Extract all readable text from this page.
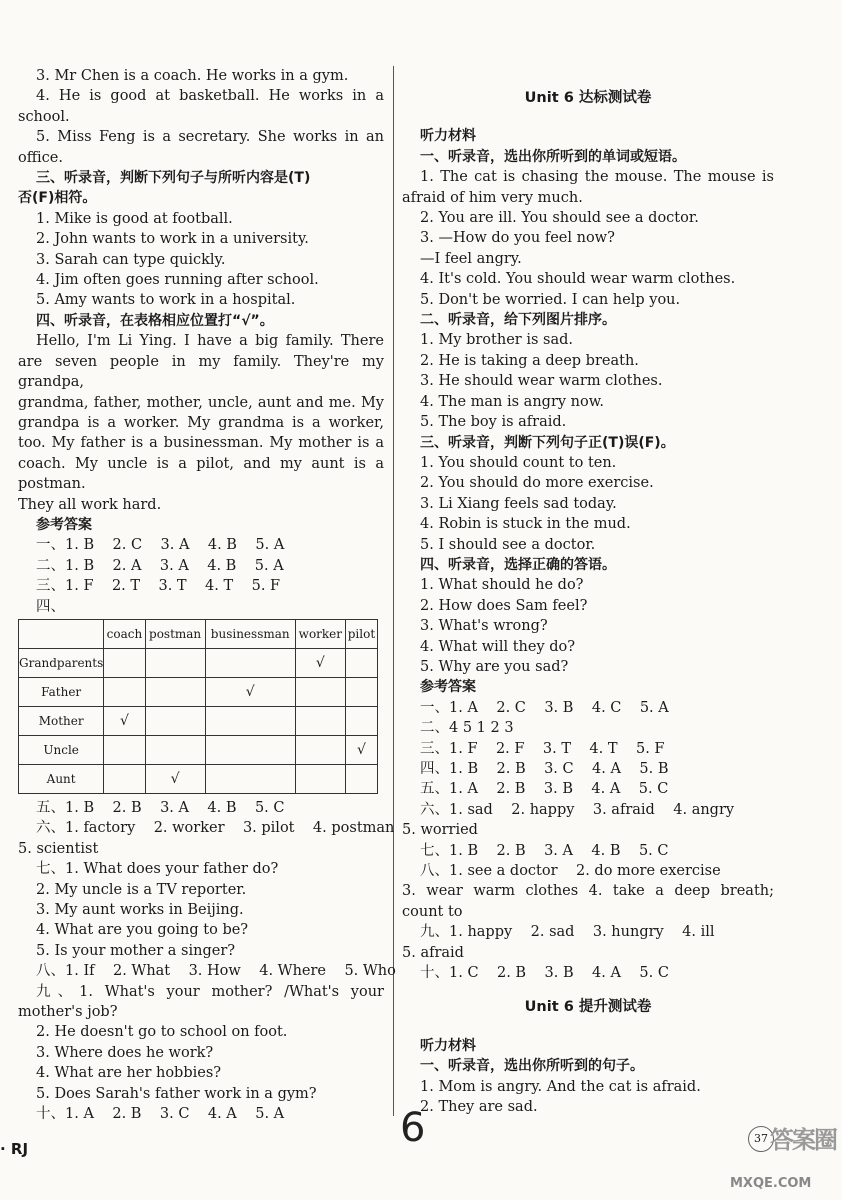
3. Mr Chen is a coach. He works in a gym.
4. He is good at basketball. He works in a
school.
5. Miss Feng is a secretary. She works in an
office.
三、听录音，判断下列句子与所听内容是(T)
否(F)相符。
1. Mike is good at football.
2. John wants to work in a university.
3. Sarah can type quickly.
4. Jim often goes running after school.
5. Amy wants to work in a hospital.
四、听录音，在表格相应位置打“√”。
Hello, I'm Li Ying. I have a big family. There
are seven people in my family. They're my grandpa,
grandma, father, mother, uncle, aunt and me. My
grandpa is a worker. My grandma is a worker,
too. My father is a businessman. My mother is a
coach. My uncle is a pilot, and my aunt is a postman.
They all work hard.
参考答案
一、1. B    2. C    3. A    4. B    5. A
二、1. B    2. A    3. A    4. B    5. A
三、1. F    2. T    3. T    4. T    5. F
四、
	coach	postman	businessman	worker	pilot
Grandparents				√	
Father			√		
Mother	√				
Uncle					√
Aunt		√			
五、1. B    2. B    3. A    4. B    5. C
六、1. factory    2. worker    3. pilot    4. postman
5. scientist
七、1. What does your father do?
2. My uncle is a TV reporter.
3. My aunt works in Beijing.
4. What are you going to be?
5. Is your mother a singer?
八、1. If    2. What    3. How    4. Where    5. Who
九、1. What's your mother? /What's your
mother's job?
2. He doesn't go to school on foot.
3. Where does he work?
4. What are her hobbies?
5. Does Sarah's father work in a gym?
十、1. A    2. B    3. C    4. A    5. A
Unit 6 达标测试卷
听力材料
一、听录音，选出你所听到的单词或短语。
1. The cat is chasing the mouse. The mouse is
afraid of him very much.
2. You are ill. You should see a doctor.
3. —How do you feel now?
—I feel angry.
4. It's cold. You should wear warm clothes.
5. Don't be worried. I can help you.
二、听录音，给下列图片排序。
1. My brother is sad.
2. He is taking a deep breath.
3. He should wear warm clothes.
4. The man is angry now.
5. The boy is afraid.
三、听录音，判断下列句子正(T)误(F)。
1. You should count to ten.
2. You should do more exercise.
3. Li Xiang feels sad today.
4. Robin is stuck in the mud.
5. I should see a doctor.
四、听录音，选择正确的答语。
1. What should he do?
2. How does Sam feel?
3. What's wrong?
4. What will they do?
5. Why are you sad?
参考答案
一、1. A    2. C    3. B    4. C    5. A
二、4 5 1 2 3
三、1. F    2. F    3. T    4. T    5. F
四、1. B    2. B    3. C    4. A    5. B
五、1. A    2. B    3. B    4. A    5. C
六、1. sad    2. happy    3. afraid    4. angry
5. worried
七、1. B    2. B    3. A    4. B    5. C
八、1. see a doctor    2. do more exercise
3. wear warm clothes 4. take a deep breath;
count to
九、1. happy    2. sad    3. hungry    4. ill
5. afraid
十、1. C    2. B    3. B    4. A    5. C
Unit 6 提升测试卷
听力材料
一、听录音，选出你所听到的句子。
1. Mom is angry. And the cat is afraid.
2. They are sad.
· RJ	6	37 答案圈
MXQE.COM
